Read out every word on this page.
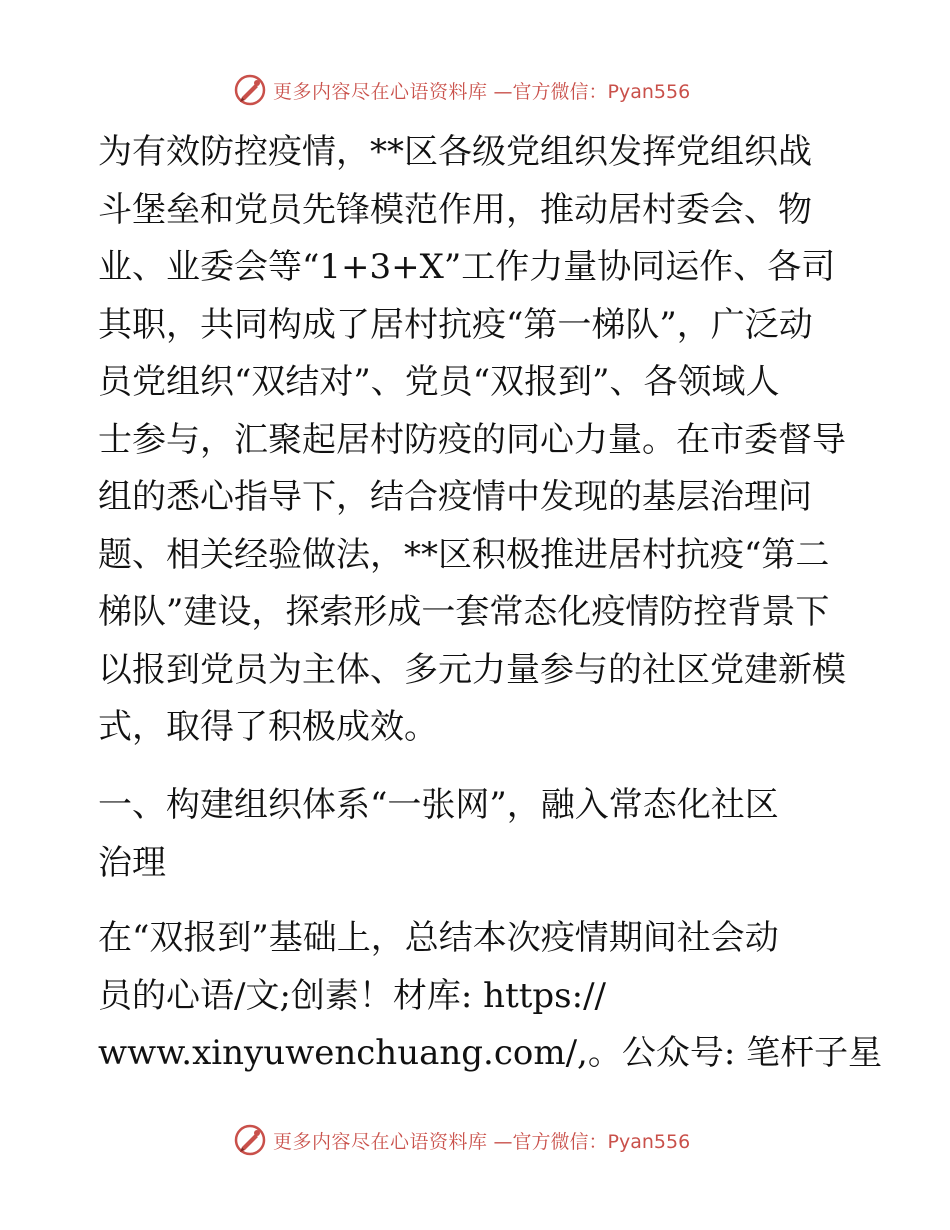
更多内容尽在心语资料库 —官方微信：Pyan556
为有效防控疫情，**区各级党组织发挥党组织战
斗堡垒和党员先锋模范作用，推动居村委会、物
业、业委会等“1+3+X”工作力量协同运作、各司
其职，共同构成了居村抗疫“第一梯队”，广泛动
员党组织“双结对”、党员“双报到”、各领域人
士参与，汇聚起居村防疫的同心力量。在市委督导
组的悉心指导下，结合疫情中发现的基层治理问
题、相关经验做法，**区积极推进居村抗疫“第二
梯队”建设，探索形成一套常态化疫情防控背景下
以报到党员为主体、多元力量参与的社区党建新模
式，取得了积极成效。
一、构建组织体系“一张网”，融入常态化社区
治理
在“双报到”基础上，总结本次疫情期间社会动
员的心语/文;创素！材库: https://
www.xinyuwenchuang.com/,。公众号: 笔杆子星
更多内容尽在心语资料库 —官方微信：Pyan556
